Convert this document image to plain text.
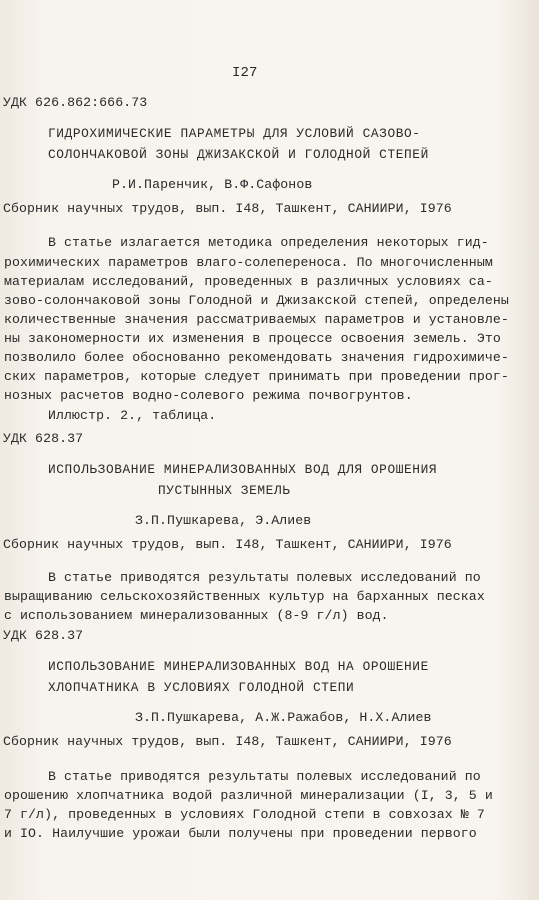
I27
УДК 626.862:666.73
ГИДРОХИМИЧЕСКИЕ ПАРАМЕТРЫ ДЛЯ УСЛОВИЙ САЗОВО-
СОЛОНЧАКОВОЙ ЗОНЫ ДЖИЗАКСКОЙ И ГОЛОДНОЙ СТЕПЕЙ
Р.И.Паренчик, В.Ф.Сафонов
Сборник научных трудов, вып. I48, Ташкент, САНИИРИ, I976
В статье излагается методика определения некоторых гид-
рохимических параметров влаго-солепереноса. По многочисленным
материалам исследований, проведенных в различных условиях са-
зово-солончаковой зоны Голодной и Джизакской степей, определены
количественные значения рассматриваемых параметров и установле-
ны закономерности их изменения в процессе освоения земель. Это
позволило более обоснованно рекомендовать значения гидрохимиче-
ских параметров, которые следует принимать при проведении прог-
нозных расчетов водно-солевого режима почвогрунтов.
Иллюстр. 2., таблица.
УДК 628.37
ИСПОЛЬЗОВАНИЕ МИНЕРАЛИЗОВАННЫХ ВОД ДЛЯ ОРОШЕНИЯ
ПУСТЫННЫХ ЗЕМЕЛЬ
З.П.Пушкарева, Э.Алиев
Сборник научных трудов, вып. I48, Ташкент, САНИИРИ, I976
В статье приводятся результаты полевых исследований по
выращиванию сельскохозяйственных культур на барханных песках
с использованием минерализованных (8-9 г/л) вод.
УДК 628.37
ИСПОЛЬЗОВАНИЕ МИНЕРАЛИЗОВАННЫХ ВОД НА ОРОШЕНИЕ
ХЛОПЧАТНИКА В УСЛОВИЯХ ГОЛОДНОЙ СТЕПИ
З.П.Пушкарева, А.Ж.Ражабов, Н.Х.Алиев
Сборник научных трудов, вып. I48, Ташкент, САНИИРИ, I976
В статье приводятся результаты полевых исследований по
орошению хлопчатника водой различной минерализации (I, 3, 5 и
7 г/л), проведенных в условиях Голодной степи в совхозах № 7
и IO. Наилучшие урожаи были получены при проведении первого
